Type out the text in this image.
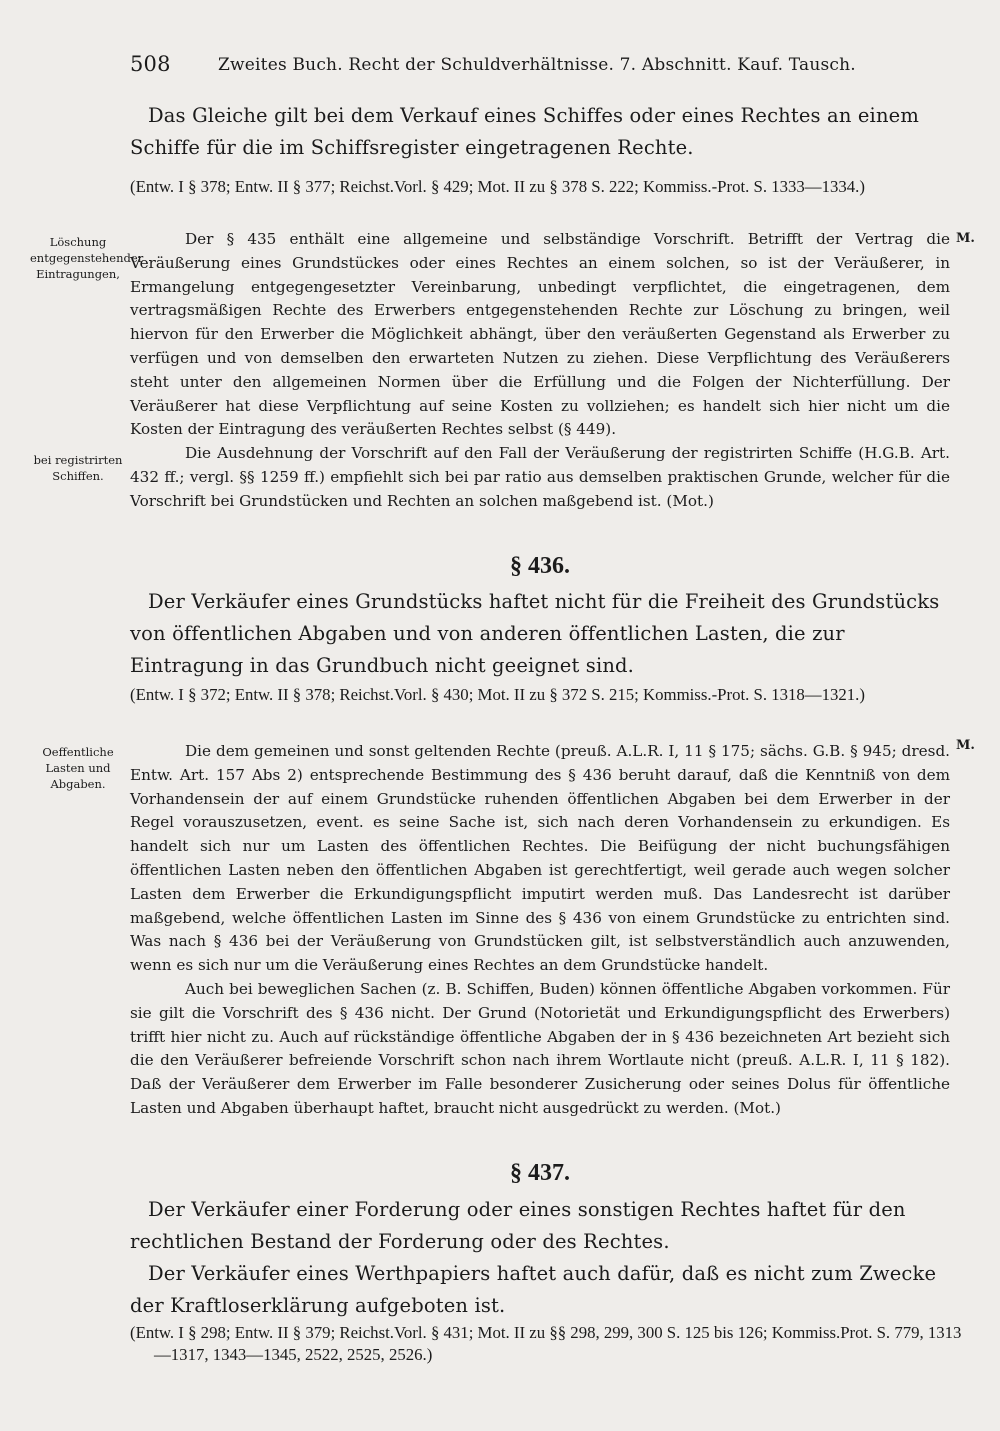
508	Zweites Buch. Recht der Schuldverhältnisse. 7. Abschnitt. Kauf. Tausch.

Das Gleiche gilt bei dem Verkauf eines Schiffes oder eines Rechtes an einem Schiffe für die im Schiffsregister eingetragenen Rechte.

(Entw. I § 378; Entw. II § 377; Reichst.Vorl. § 429; Mot. II zu § 378 S. 222; Kommiss.-Prot. S. 1333—1334.)

Löschung entgegenstehender Eintragungen,
M.

Der § 435 enthält eine allgemeine und selbständige Vorschrift. Betrifft der Vertrag die Veräußerung eines Grundstückes oder eines Rechtes an einem solchen, so ist der Veräußerer, in Ermangelung entgegengesetzter Vereinbarung, unbedingt verpflichtet, die eingetragenen, dem vertragsmäßigen Rechte des Erwerbers entgegenstehenden Rechte zur Löschung zu bringen, weil hiervon für den Erwerber die Möglichkeit abhängt, über den veräußerten Gegenstand als Erwerber zu verfügen und von demselben den erwarteten Nutzen zu ziehen. Diese Verpflichtung des Veräußerers steht unter den allgemeinen Normen über die Erfüllung und die Folgen der Nichterfüllung. Der Veräußerer hat diese Verpflichtung auf seine Kosten zu vollziehen; es handelt sich hier nicht um die Kosten der Eintragung des veräußerten Rechtes selbst (§ 449).

Die Ausdehnung der Vorschrift auf den Fall der Veräußerung der registrirten Schiffe (H.G.B. Art. 432 ff.; vergl. §§ 1259 ff.) empfiehlt sich bei par ratio aus demselben praktischen Grunde, welcher für die Vorschrift bei Grundstücken und Rechten an solchen maßgebend ist. (Mot.)

bei registrirten Schiffen.
§ 436.

Der Verkäufer eines Grundstücks haftet nicht für die Freiheit des Grundstücks von öffentlichen Abgaben und von anderen öffentlichen Lasten, die zur Eintragung in das Grundbuch nicht geeignet sind.

(Entw. I § 372; Entw. II § 378; Reichst.Vorl. § 430; Mot. II zu § 372 S. 215; Kommiss.-Prot. S. 1318—1321.)

Oeffentliche Lasten und Abgaben.
M.

Die dem gemeinen und sonst geltenden Rechte (preuß. A.L.R. I, 11 § 175; sächs. G.B. § 945; dresd. Entw. Art. 157 Abs 2) entsprechende Bestimmung des § 436 beruht darauf, daß die Kenntniß von dem Vorhandensein der auf einem Grundstücke ruhenden öffentlichen Abgaben bei dem Erwerber in der Regel vorauszusetzen, event. es seine Sache ist, sich nach deren Vorhandensein zu erkundigen. Es handelt sich nur um Lasten des öffentlichen Rechtes. Die Beifügung der nicht buchungsfähigen öffentlichen Lasten neben den öffentlichen Abgaben ist gerechtfertigt, weil gerade auch wegen solcher Lasten dem Erwerber die Erkundigungspflicht imputirt werden muß. Das Landesrecht ist darüber maßgebend, welche öffentlichen Lasten im Sinne des § 436 von einem Grundstücke zu entrichten sind. Was nach § 436 bei der Veräußerung von Grundstücken gilt, ist selbstverständlich auch anzuwenden, wenn es sich nur um die Veräußerung eines Rechtes an dem Grundstücke handelt.

Auch bei beweglichen Sachen (z. B. Schiffen, Buden) können öffentliche Abgaben vorkommen. Für sie gilt die Vorschrift des § 436 nicht. Der Grund (Notorietät und Erkundigungspflicht des Erwerbers) trifft hier nicht zu. Auch auf rückständige öffentliche Abgaben der in § 436 bezeichneten Art bezieht sich die den Veräußerer befreiende Vorschrift schon nach ihrem Wortlaute nicht (preuß. A.L.R. I, 11 § 182). Daß der Veräußerer dem Erwerber im Falle besonderer Zusicherung oder seines Dolus für öffentliche Lasten und Abgaben überhaupt haftet, braucht nicht ausgedrückt zu werden. (Mot.)

§ 437.

Der Verkäufer einer Forderung oder eines sonstigen Rechtes haftet für den rechtlichen Bestand der Forderung oder des Rechtes.

Der Verkäufer eines Werthpapiers haftet auch dafür, daß es nicht zum Zwecke der Kraftloserklärung aufgeboten ist.

(Entw. I § 298; Entw. II § 379; Reichst.Vorl. § 431; Mot. II zu §§ 298, 299, 300 S. 125 bis 126; Kommiss.Prot. S. 779, 1313—1317, 1343—1345, 2522, 2525, 2526.)
